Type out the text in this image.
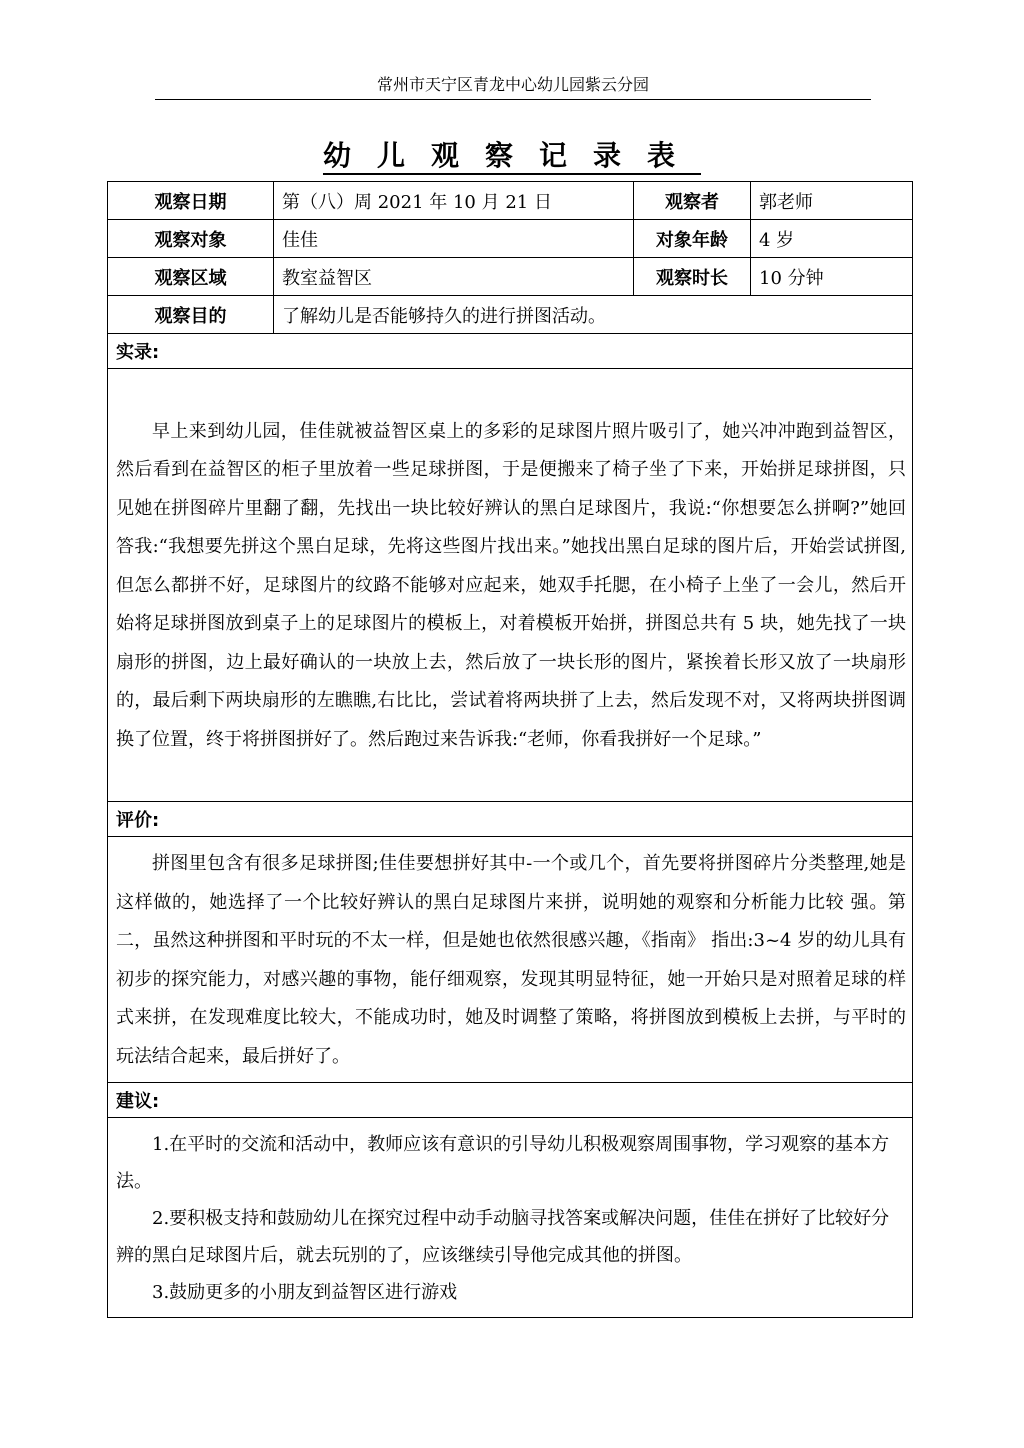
常州市天宁区青龙中心幼儿园紫云分园
幼儿观察记录表
观察日期	第（八）周 2021 年 10 月 21 日	观察者	郭老师
观察对象	佳佳	对象年龄	4 岁
观察区域	教室益智区	观察时长	10 分钟
观察目的	了解幼儿是否能够持久的进行拼图活动。		
实录:			

早上来到幼儿园，佳佳就被益智区桌上的多彩的足球图片照片吸引了，她兴冲冲跑到益智区，然后看到在益智区的柜子里放着一些足球拼图，于是便搬来了椅子坐了下来，开始拼足球拼图，只见她在拼图碎片里翻了翻，先找出一块比较好辨认的黑白足球图片，我说:“你想要怎么拼啊?”她回答我:“我想要先拼这个黑白足球，先将这些图片找出来。”她找出黑白足球的图片后，开始尝试拼图,但怎么都拼不好，足球图片的纹路不能够对应起来，她双手托腮，在小椅子上坐了一会儿，然后开始将足球拼图放到桌子上的足球图片的模板上，对着模板开始拼，拼图总共有 5 块，她先找了一块扇形的拼图，边上最好确认的一块放上去，然后放了一块长形的图片，紧挨着长形又放了一块扇形的，最后剩下两块扇形的左瞧瞧,右比比，尝试着将两块拼了上去，然后发现不对，又将两块拼图调换了位置，终于将拼图拼好了。然后跑过来告诉我:“老师，你看我拼好一个足球。”			

评价:			

拼图里包含有很多足球拼图;佳佳要想拼好其中-一个或几个，首先要将拼图碎片分类整理,她是这样做的，她选择了一个比较好辨认的黑白足球图片来拼，说明她的观察和分析能力比较 强。第二，虽然这种拼图和平时玩的不太一样，但是她也依然很感兴趣，《指南》 指出:3~4 岁的幼儿具有初步的探究能力，对感兴趣的事物，能仔细观察，发现其明显特征，她一开始只是对照着足球的样式来拼，在发现难度比较大，不能成功时，她及时调整了策略，将拼图放到模板上去拼，与平时的玩法结合起来，最后拼好了。			

建议:			

1.在平时的交流和活动中，教师应该有意识的引导幼儿积极观察周围事物，学习观察的基本方法。

2.要积极支持和鼓励幼儿在探究过程中动手动脑寻找答案或解决问题，佳佳在拼好了比较好分辨的黑白足球图片后，就去玩别的了，应该继续引导他完成其他的拼图。

3.鼓励更多的小朋友到益智区进行游戏			
